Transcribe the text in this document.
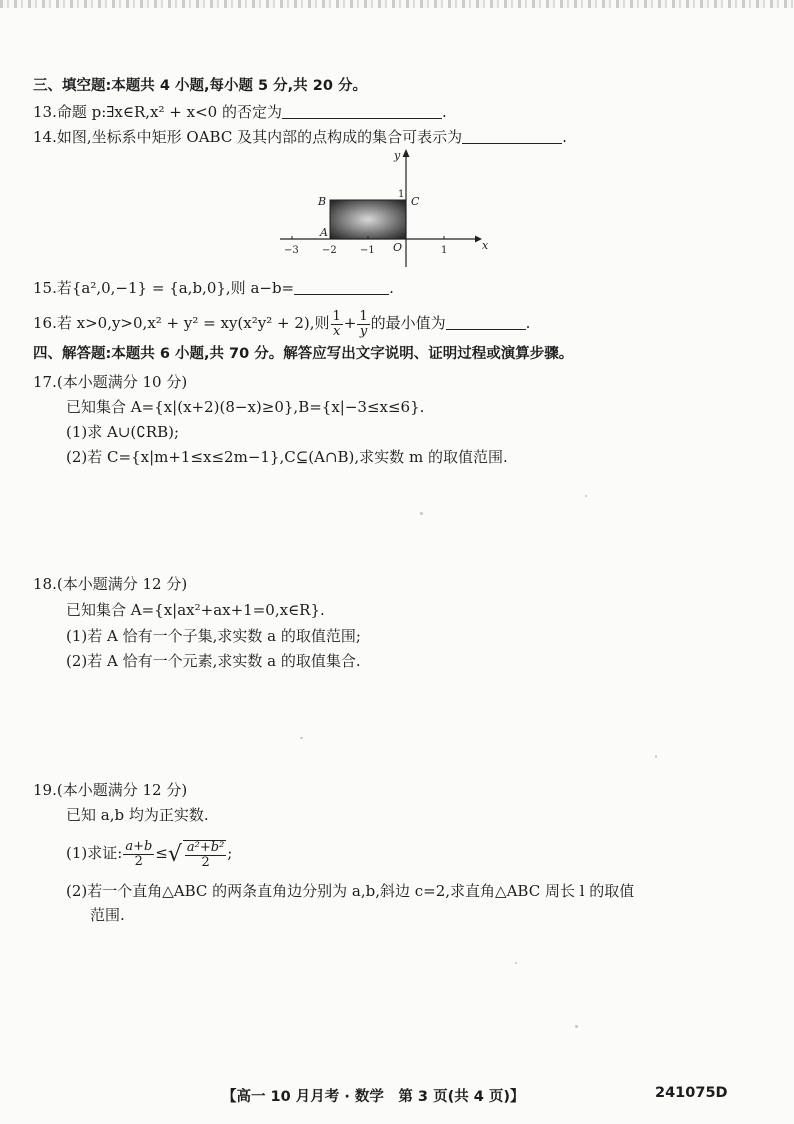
三、填空题:本题共 4 小题,每小题 5 分,共 20 分。
13.命题 p:∃x∈R,x² + x<0 的否定为	.
14.如图,坐标系中矩形 OABC 及其内部的点构成的集合可表示为	.
x
y
O
A
B	C
−3 −2 −1	1
1
15.若{a²,0,−1} = {a,b,0},则 a−b=	.
16.若 x>0,y>0,x² + y² = xy(x²y² + 2),则 $\frac{1}{x} + \frac{1}{y}$ 的最小值为	.
四、解答题:本题共 6 小题,共 70 分。解答应写出文字说明、证明过程或演算步骤。
17.(本小题满分 10 分)
已知集合 A={x|(x+2)(8−x)≥0},B={x|−3≤x≤6}.
(1)求 A∪(∁RB);
(2)若 C={x|m+1≤x≤2m−1},C⊆(A∩B),求实数 m 的取值范围.
18.(本小题满分 12 分)
已知集合 A={x|ax²+ax+1=0,x∈R}.
(1)若 A 恰有一个子集,求实数 a 的取值范围;
(2)若 A 恰有一个元素,求实数 a 的取值集合.
19.(本小题满分 12 分)
已知 a,b 均为正实数.
(1)求证: $\frac{a+b}{2}$ ≤√ $\frac{\text{a²+b²}}{2}$ ;
(2)若一个直角△ABC 的两条直角边分别为 a,b,斜边 c=2,求直角△ABC 周长 l 的取值
范围.
【高一 10 月月考 · 数学　第 3 页(共 4 页)】	241075D
